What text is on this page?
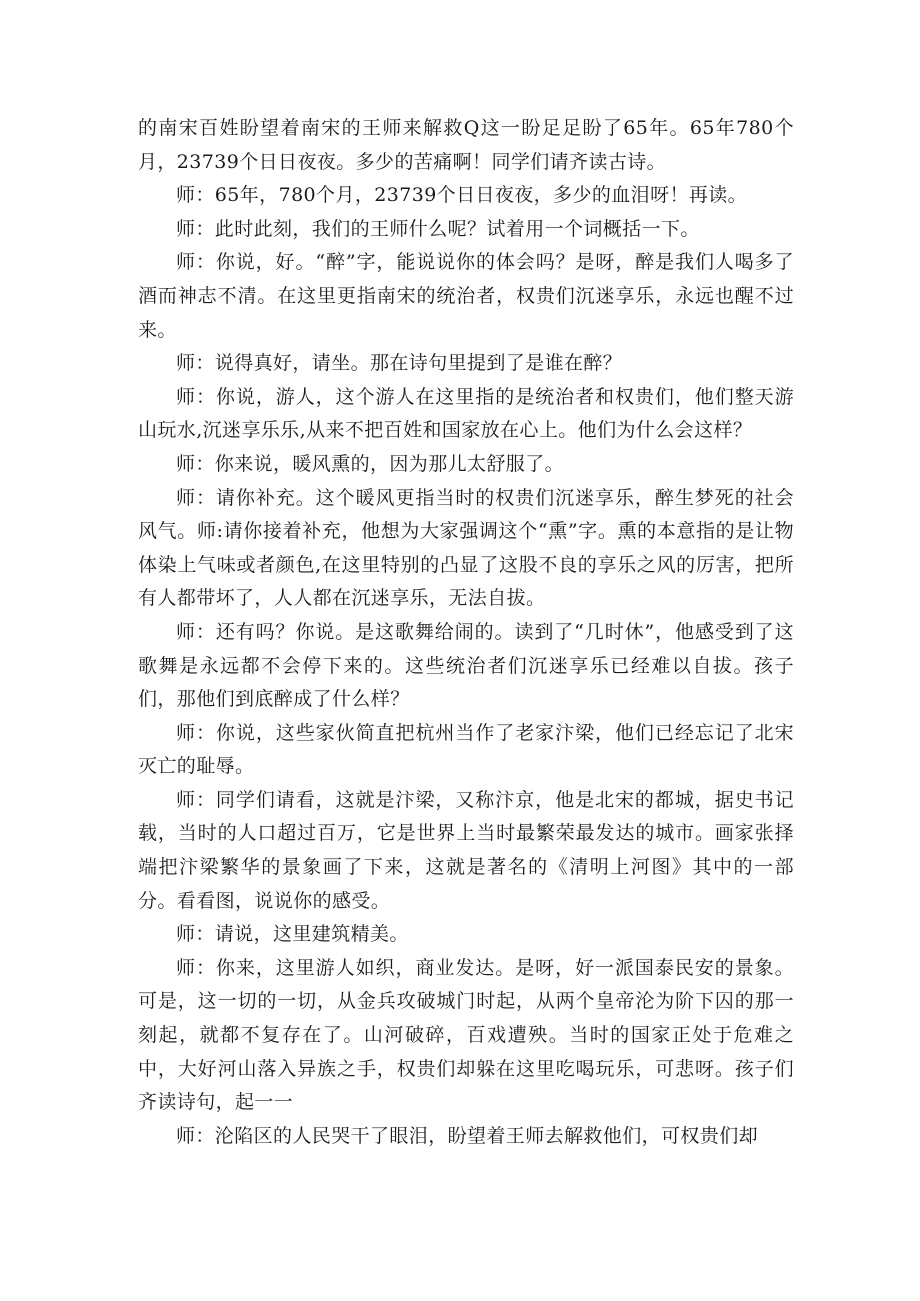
的南宋百姓盼望着南宋的王师来解救Q这一盼足足盼了65年。65年780个月，23739个日日夜夜。多少的苦痛啊！同学们请齐读古诗。

师：65年，780个月，23739个日日夜夜，多少的血泪呀！再读。

师：此时此刻，我们的王师什么呢？试着用一个词概括一下。

师：你说，好。“醉”字，能说说你的体会吗？是呀，醉是我们人喝多了酒而神志不清。在这里更指南宋的统治者，权贵们沉迷享乐，永远也醒不过来。

师：说得真好，请坐。那在诗句里提到了是谁在醉？

师：你说，游人，这个游人在这里指的是统治者和权贵们，他们整天游山玩水,沉迷享乐乐,从来不把百姓和国家放在心上。他们为什么会这样？

师：你来说，暖风熏的，因为那儿太舒服了。

师：请你补充。这个暖风更指当时的权贵们沉迷享乐，醉生梦死的社会风气。师:请你接着补充，他想为大家强调这个“熏”字。熏的本意指的是让物体染上气味或者颜色,在这里特别的凸显了这股不良的享乐之风的厉害，把所有人都带坏了，人人都在沉迷享乐，无法自拔。

师：还有吗？你说。是这歌舞给闹的。读到了“几时休”，他感受到了这歌舞是永远都不会停下来的。这些统治者们沉迷享乐已经难以自拔。孩子们，那他们到底醉成了什么样？

师：你说，这些家伙简直把杭州当作了老家汴梁，他们已经忘记了北宋灭亡的耻辱。

师：同学们请看，这就是汴梁，又称汴京，他是北宋的都城，据史书记载，当时的人口超过百万，它是世界上当时最繁荣最发达的城市。画家张择端把汴梁繁华的景象画了下来，这就是著名的《清明上河图》其中的一部分。看看图，说说你的感受。

师：请说，这里建筑精美。

师：你来，这里游人如织，商业发达。是呀，好一派国泰民安的景象。可是，这一切的一切，从金兵攻破城门时起，从两个皇帝沦为阶下囚的那一刻起，就都不复存在了。山河破碎，百戏遭殃。当时的国家正处于危难之中，大好河山落入异族之手，权贵们却躲在这里吃喝玩乐，可悲呀。孩子们齐读诗句，起一一

师：沦陷区的人民哭干了眼泪，盼望着王师去解救他们，可权贵们却
